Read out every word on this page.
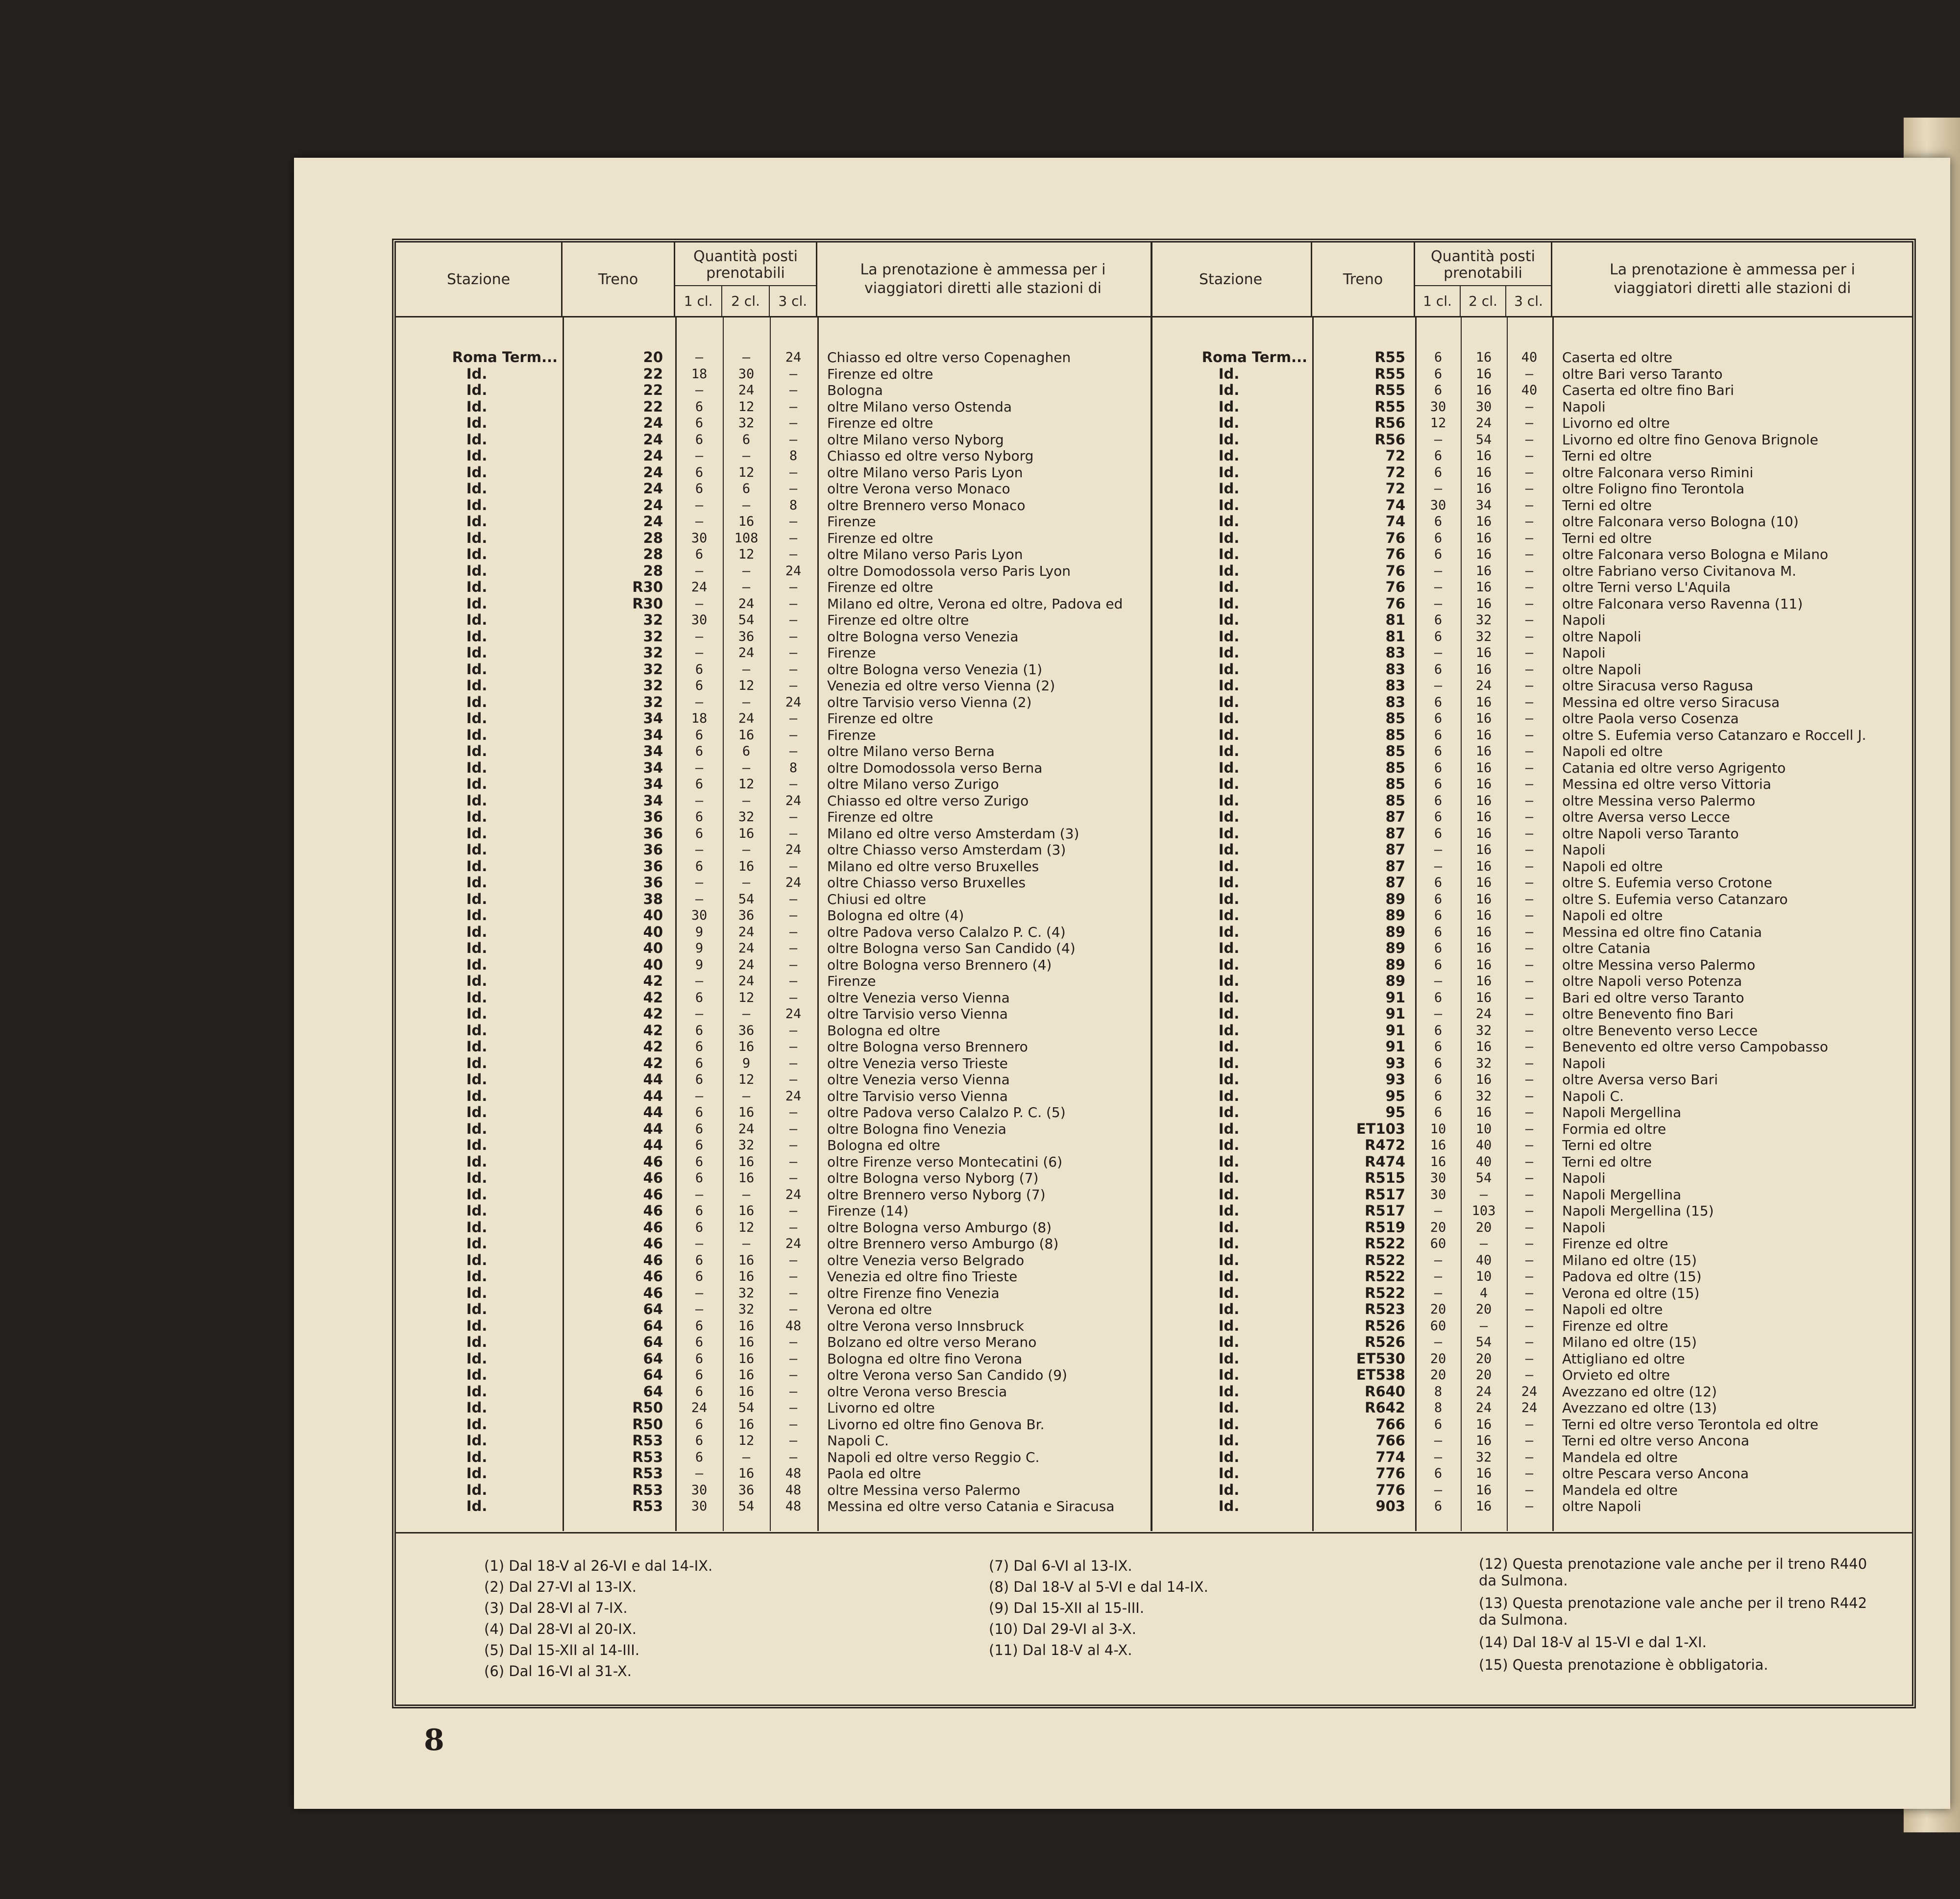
Stazione	Treno
Quantità posti prenotabili
1 cl.	2 cl.	3 cl.
La prenotazione è ammessa per i viaggiatori diretti alle stazioni di
Roma Term...	20	—	—	24	Chiasso ed oltre verso Copenaghen
Id.	22	18	30	—	Firenze ed oltre
Id.	22	—	24	—	Bologna
Id.	22	6	12	—	oltre Milano verso Ostenda
Id.	24	6	32	—	Firenze ed oltre
Id.	24	6	6	—	oltre Milano verso Nyborg
Id.	24	—	—	8	Chiasso ed oltre verso Nyborg
Id.	24	6	12	—	oltre Milano verso Paris Lyon
Id.	24	6	6	—	oltre Verona verso Monaco
Id.	24	—	—	8	oltre Brennero verso Monaco
Id.	24	—	16	—	Firenze
Id.	28	30	108	—	Firenze ed oltre
Id.	28	6	12	—	oltre Milano verso Paris Lyon
Id.	28	—	—	24	oltre Domodossola verso Paris Lyon
Id.	R30	24	—	—	Firenze ed oltre
Id.	R30	—	24	—	Milano ed oltre, Verona ed oltre, Padova ed
Id.	32	30	54	—	Firenze ed oltre oltre
Id.	32	—	36	—	oltre Bologna verso Venezia
Id.	32	—	24	—	Firenze
Id.	32	6	—	—	oltre Bologna verso Venezia (1)
Id.	32	6	12	—	Venezia ed oltre verso Vienna (2)
Id.	32	—	—	24	oltre Tarvisio verso Vienna (2)
Id.	34	18	24	—	Firenze ed oltre
Id.	34	6	16	—	Firenze
Id.	34	6	6	—	oltre Milano verso Berna
Id.	34	—	—	8	oltre Domodossola verso Berna
Id.	34	6	12	—	oltre Milano verso Zurigo
Id.	34	—	—	24	Chiasso ed oltre verso Zurigo
Id.	36	6	32	—	Firenze ed oltre
Id.	36	6	16	—	Milano ed oltre verso Amsterdam (3)
Id.	36	—	—	24	oltre Chiasso verso Amsterdam (3)
Id.	36	6	16	—	Milano ed oltre verso Bruxelles
Id.	36	—	—	24	oltre Chiasso verso Bruxelles
Id.	38	—	54	—	Chiusi ed oltre
Id.	40	30	36	—	Bologna ed oltre (4)
Id.	40	9	24	—	oltre Padova verso Calalzo P. C. (4)
Id.	40	9	24	—	oltre Bologna verso San Candido (4)
Id.	40	9	24	—	oltre Bologna verso Brennero (4)
Id.	42	—	24	—	Firenze
Id.	42	6	12	—	oltre Venezia verso Vienna
Id.	42	—	—	24	oltre Tarvisio verso Vienna
Id.	42	6	36	—	Bologna ed oltre
Id.	42	6	16	—	oltre Bologna verso Brennero
Id.	42	6	9	—	oltre Venezia verso Trieste
Id.	44	6	12	—	oltre Venezia verso Vienna
Id.	44	—	—	24	oltre Tarvisio verso Vienna
Id.	44	6	16	—	oltre Padova verso Calalzo P. C. (5)
Id.	44	6	24	—	oltre Bologna fino Venezia
Id.	44	6	32	—	Bologna ed oltre
Id.	46	6	16	—	oltre Firenze verso Montecatini (6)
Id.	46	6	16	—	oltre Bologna verso Nyborg (7)
Id.	46	—	—	24	oltre Brennero verso Nyborg (7)
Id.	46	6	16	—	Firenze (14)
Id.	46	6	12	—	oltre Bologna verso Amburgo (8)
Id.	46	—	—	24	oltre Brennero verso Amburgo (8)
Id.	46	6	16	—	oltre Venezia verso Belgrado
Id.	46	6	16	—	Venezia ed oltre fino Trieste
Id.	46	—	32	—	oltre Firenze fino Venezia
Id.	64	—	32	—	Verona ed oltre
Id.	64	6	16	48	oltre Verona verso Innsbruck
Id.	64	6	16	—	Bolzano ed oltre verso Merano
Id.	64	6	16	—	Bologna ed oltre fino Verona
Id.	64	6	16	—	oltre Verona verso San Candido (9)
Id.	64	6	16	—	oltre Verona verso Brescia
Id.	R50	24	54	—	Livorno ed oltre
Id.	R50	6	16	—	Livorno ed oltre fino Genova Br.
Id.	R53	6	12	—	Napoli C.
Id.	R53	6	—	—	Napoli ed oltre verso Reggio C.
Id.	R53	—	16	48	Paola ed oltre
Id.	R53	30	36	48	oltre Messina verso Palermo
Id.	R53	30	54	48	Messina ed oltre verso Catania e Siracusa
Stazione	Treno
Quantità posti prenotabili
1 cl.	2 cl.	3 cl.
La prenotazione è ammessa per i viaggiatori diretti alle stazioni di
Roma Term...	R55	6	16	40	Caserta ed oltre
Id.	R55	6	16	—	oltre Bari verso Taranto
Id.	R55	6	16	40	Caserta ed oltre fino Bari
Id.	R55	30	30	—	Napoli
Id.	R56	12	24	—	Livorno ed oltre
Id.	R56	—	54	—	Livorno ed oltre fino Genova Brignole
Id.	72	6	16	—	Terni ed oltre
Id.	72	6	16	—	oltre Falconara verso Rimini
Id.	72	—	16	—	oltre Foligno fino Terontola
Id.	74	30	34	—	Terni ed oltre
Id.	74	6	16	—	oltre Falconara verso Bologna (10)
Id.	76	6	16	—	Terni ed oltre
Id.	76	6	16	—	oltre Falconara verso Bologna e Milano
Id.	76	—	16	—	oltre Fabriano verso Civitanova M.
Id.	76	—	16	—	oltre Terni verso L'Aquila
Id.	76	—	16	—	oltre Falconara verso Ravenna (11)
Id.	81	6	32	—	Napoli
Id.	81	6	32	—	oltre Napoli
Id.	83	—	16	—	Napoli
Id.	83	6	16	—	oltre Napoli
Id.	83	—	24	—	oltre Siracusa verso Ragusa
Id.	83	6	16	—	Messina ed oltre verso Siracusa
Id.	85	6	16	—	oltre Paola verso Cosenza
Id.	85	6	16	—	oltre S. Eufemia verso Catanzaro e Roccell J.
Id.	85	6	16	—	Napoli ed oltre
Id.	85	6	16	—	Catania ed oltre verso Agrigento
Id.	85	6	16	—	Messina ed oltre verso Vittoria
Id.	85	6	16	—	oltre Messina verso Palermo
Id.	87	6	16	—	oltre Aversa verso Lecce
Id.	87	6	16	—	oltre Napoli verso Taranto
Id.	87	—	16	—	Napoli
Id.	87	—	16	—	Napoli ed oltre
Id.	87	6	16	—	oltre S. Eufemia verso Crotone
Id.	89	6	16	—	oltre S. Eufemia verso Catanzaro
Id.	89	6	16	—	Napoli ed oltre
Id.	89	6	16	—	Messina ed oltre fino Catania
Id.	89	6	16	—	oltre Catania
Id.	89	6	16	—	oltre Messina verso Palermo
Id.	89	—	16	—	oltre Napoli verso Potenza
Id.	91	6	16	—	Bari ed oltre verso Taranto
Id.	91	—	24	—	oltre Benevento fino Bari
Id.	91	6	32	—	oltre Benevento verso Lecce
Id.	91	6	16	—	Benevento ed oltre verso Campobasso
Id.	93	6	32	—	Napoli
Id.	93	6	16	—	oltre Aversa verso Bari
Id.	95	6	32	—	Napoli C.
Id.	95	6	16	—	Napoli Mergellina
Id.	ET103	10	10	—	Formia ed oltre
Id.	R472	16	40	—	Terni ed oltre
Id.	R474	16	40	—	Terni ed oltre
Id.	R515	30	54	—	Napoli
Id.	R517	30	—	—	Napoli Mergellina
Id.	R517	—	103	—	Napoli Mergellina (15)
Id.	R519	20	20	—	Napoli
Id.	R522	60	—	—	Firenze ed oltre
Id.	R522	—	40	—	Milano ed oltre (15)
Id.	R522	—	10	—	Padova ed oltre (15)
Id.	R522	—	4	—	Verona ed oltre (15)
Id.	R523	20	20	—	Napoli ed oltre
Id.	R526	60	—	—	Firenze ed oltre
Id.	R526	—	54	—	Milano ed oltre (15)
Id.	ET530	20	20	—	Attigliano ed oltre
Id.	ET538	20	20	—	Orvieto ed oltre
Id.	R640	8	24	24	Avezzano ed oltre (12)
Id.	R642	8	24	24	Avezzano ed oltre (13)
Id.	766	6	16	—	Terni ed oltre verso Terontola ed oltre
Id.	766	—	16	—	Terni ed oltre verso Ancona
Id.	774	—	32	—	Mandela ed oltre
Id.	776	6	16	—	oltre Pescara verso Ancona
Id.	776	—	16	—	Mandela ed oltre
Id.	903	6	16	—	oltre Napoli
(1) Dal 18-V al 26-VI e dal 14-IX.
(2) Dal 27-VI al 13-IX.
(3) Dal 28-VI al 7-IX.
(4) Dal 28-VI al 20-IX.
(5) Dal 15-XII al 14-III.
(6) Dal 16-VI al 31-X.
(7) Dal 6-VI al 13-IX.
(8) Dal 18-V al 5-VI e dal 14-IX.
(9) Dal 15-XII al 15-III.
(10) Dal 29-VI al 3-X.
(11) Dal 18-V al 4-X.
(12) Questa prenotazione vale anche per il treno R440 da Sulmona.
(13) Questa prenotazione vale anche per il treno R442 da Sulmona.
(14) Dal 18-V al 15-VI e dal 1-XI.
(15) Questa prenotazione è obbligatoria.
8
